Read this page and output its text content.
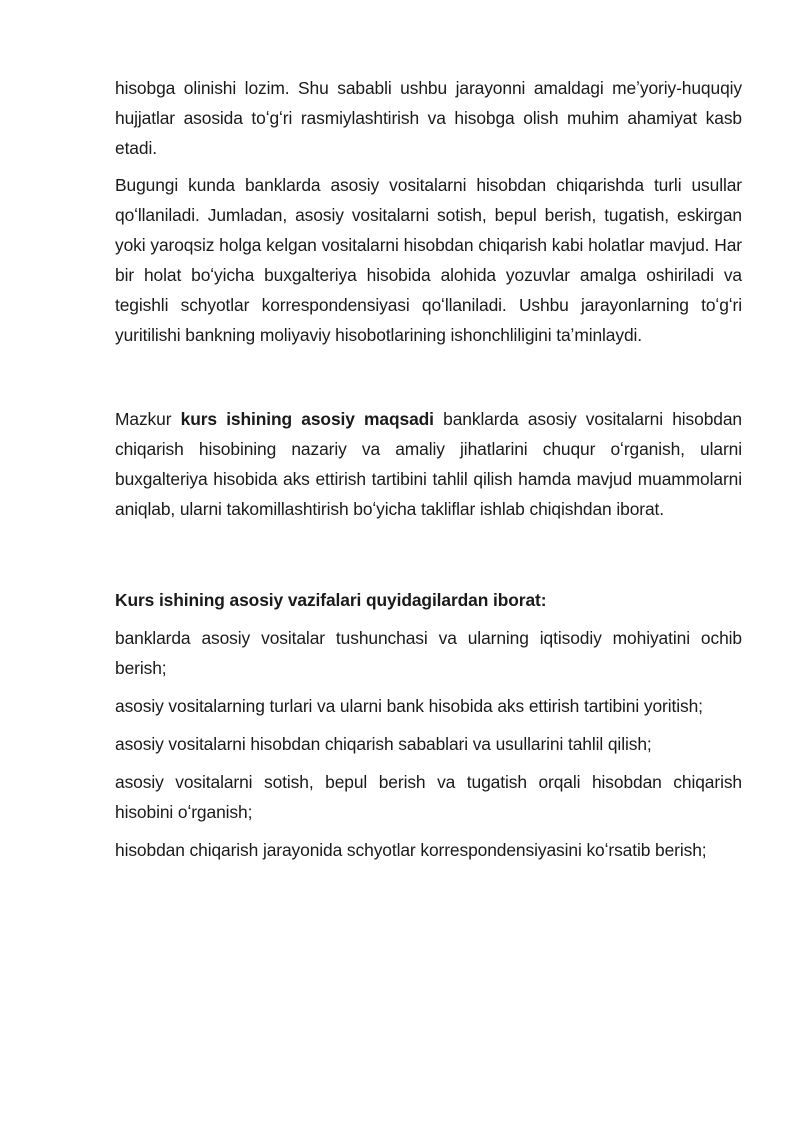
hisobga olinishi lozim. Shu sababli ushbu jarayonni amaldagi meʼyoriy-huquqiy hujjatlar asosida toʻgʻri rasmiylashtirish va hisobga olish muhim ahamiyat kasb etadi.

Bugungi kunda banklarda asosiy vositalarni hisobdan chiqarishda turli usullar qoʻllaniladi. Jumladan, asosiy vositalarni sotish, bepul berish, tugatish, eskirgan yoki yaroqsiz holga kelgan vositalarni hisobdan chiqarish kabi holatlar mavjud. Har bir holat boʻyicha buxgalteriya hisobida alohida yozuvlar amalga oshiriladi va tegishli schyotlar korrespondensiyasi qoʻllaniladi. Ushbu jarayonlarning toʻgʻri yuritilishi bankning moliyaviy hisobotlarining ishonchliligini taʼminlaydi.

Mazkur kurs ishining asosiy maqsadi banklarda asosiy vositalarni hisobdan chiqarish hisobining nazariy va amaliy jihatlarini chuqur oʻrganish, ularni buxgalteriya hisobida aks ettirish tartibini tahlil qilish hamda mavjud muammolarni aniqlab, ularni takomillashtirish boʻyicha takliflar ishlab chiqishdan iborat.

Kurs ishining asosiy vazifalari quyidagilardan iborat:

banklarda asosiy vositalar tushunchasi va ularning iqtisodiy mohiyatini ochib berish;

asosiy vositalarning turlari va ularni bank hisobida aks ettirish tartibini yoritish;

asosiy vositalarni hisobdan chiqarish sabablari va usullarini tahlil qilish;

asosiy vositalarni sotish, bepul berish va tugatish orqali hisobdan chiqarish hisobini oʻrganish;

hisobdan chiqarish jarayonida schyotlar korrespondensiyasini koʻrsatib berish;
